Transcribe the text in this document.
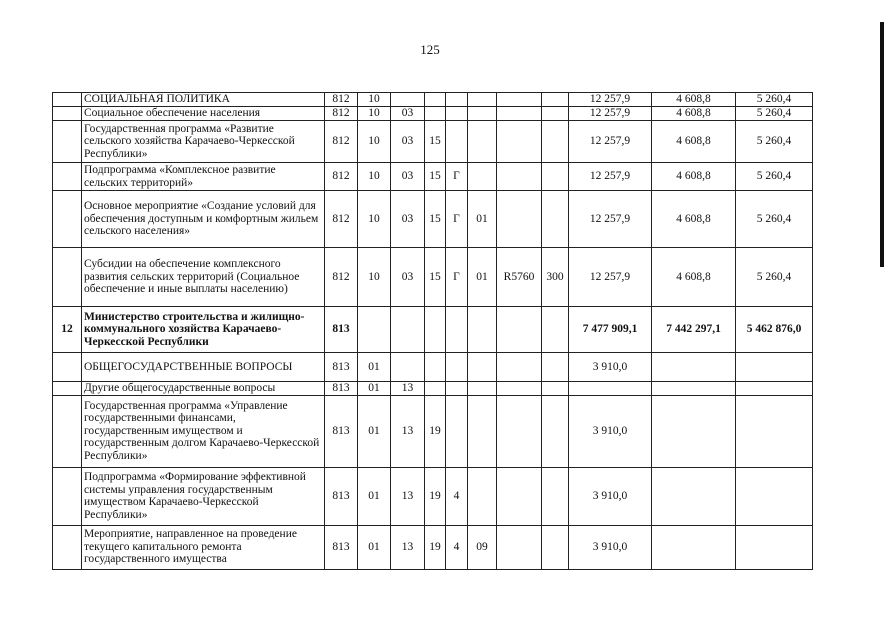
125
	СОЦИАЛЬНАЯ ПОЛИТИКА	812	10							12 257,9	4 608,8	5 260,4
	Социальное обеспечение населения	812	10	03						12 257,9	4 608,8	5 260,4
	Государственная программа «Развитие сельского хозяйства Карачаево-Черкесской Республики»	812	10	03	15					12 257,9	4 608,8	5 260,4
	Подпрограмма «Комплексное развитие сельских территорий»	812	10	03	15	Г				12 257,9	4 608,8	5 260,4
	Основное мероприятие «Создание условий для обеспечения доступным и комфортным жильем сельского населения»	812	10	03	15	Г	01			12 257,9	4 608,8	5 260,4
	Субсидии на обеспечение комплексного развития сельских территорий (Социальное обеспечение и иные выплаты населению)	812	10	03	15	Г	01	R5760	300	12 257,9	4 608,8	5 260,4
12	Министерство строительства и жилищно-коммунального хозяйства Карачаево-Черкесской Республики	813								7 477 909,1	7 442 297,1	5 462 876,0
	ОБЩЕГОСУДАРСТВЕННЫЕ ВОПРОСЫ	813	01							3 910,0		
	Другие общегосударственные вопросы	813	01	13								
	Государственная программа «Управление государственными финансами, государственным имуществом и государственным долгом Карачаево-Черкесской Республики»	813	01	13	19					3 910,0		
	Подпрограмма «Формирование эффективной системы управления государственным имуществом Карачаево-Черкесской Республики»	813	01	13	19	4				3 910,0		
	Мероприятие, направленное на проведение текущего капитального ремонта государственного имущества	813	01	13	19	4	09			3 910,0		
